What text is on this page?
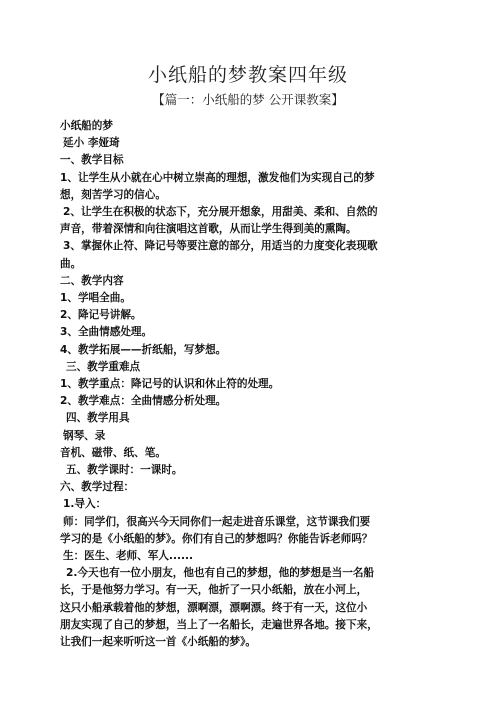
小纸船的梦教案四年级
【篇一：小纸船的梦 公开课教案】
小纸船的梦
延小 李娅琦
一、教学目标
1、让学生从小就在心中树立崇高的理想，激发他们为实现自己的梦
想，刻苦学习的信心。
2、让学生在积极的状态下，充分展开想象，用甜美、柔和、自然的
声音，带着深情和向往演唱这首歌，从而让学生得到美的熏陶。
3、掌握休止符、降记号等要注意的部分，用适当的力度变化表现歌
曲。
二、教学内容
1、学唱全曲。
2、降记号讲解。
3、全曲情感处理。
4、教学拓展——折纸船，写梦想。
三、教学重难点
1、教学重点：降记号的认识和休止符的处理。
2、教学难点：全曲情感分析处理。
四、教学用具
钢琴、录
音机、磁带、纸、笔。
五、教学课时：一课时。
六、教学过程：
1.导入：
师：同学们，很高兴今天同你们一起走进音乐课堂，这节课我们要
学习的是《小纸船的梦》。你们有自己的梦想吗？你能告诉老师吗？
生：医生、老师、军人......
2.今天也有一位小朋友，他也有自己的梦想，他的梦想是当一名船
长，于是他努力学习。有一天，他折了一只小纸船，放在小河上，
这只小船承载着他的梦想，漂啊漂，漂啊漂。终于有一天，这位小
朋友实现了自己的梦想，当上了一名船长，走遍世界各地。接下来，
让我们一起来听听这一首《小纸船的梦》。
